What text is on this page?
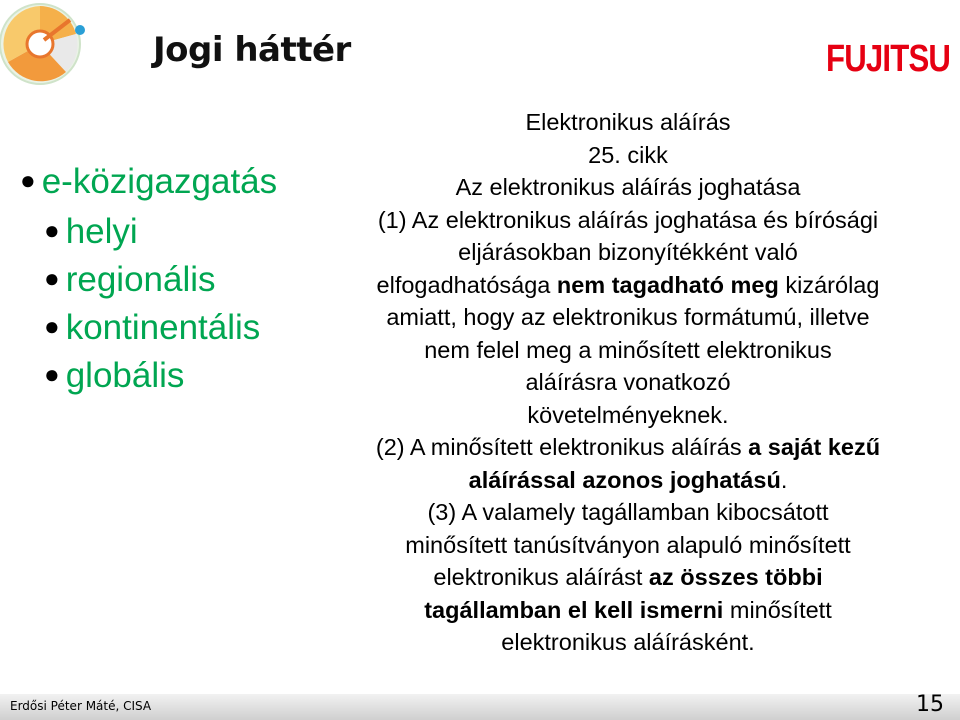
Jogi háttér	FUJITSU
● e-közigazgatás
● helyi
● regionális
● kontinentális
● globális

Elektronikus aláírás

25. cikk

Az elektronikus aláírás joghatása

(1) Az elektronikus aláírás joghatása és bírósági

eljárásokban bizonyítékként való

elfogadhatósága nem tagadható meg kizárólag

amiatt, hogy az elektronikus formátumú, illetve

nem felel meg a minősített elektronikus

aláírásra vonatkozó

követelményeknek.

(2) A minősített elektronikus aláírás a saját kezű

aláírással azonos joghatású.

(3) A valamely tagállamban kibocsátott

minősített tanúsítványon alapuló minősített

elektronikus aláírást az összes többi

tagállamban el kell ismerni minősített

elektronikus aláírásként.

Erdősi Péter Máté, CISA	15
